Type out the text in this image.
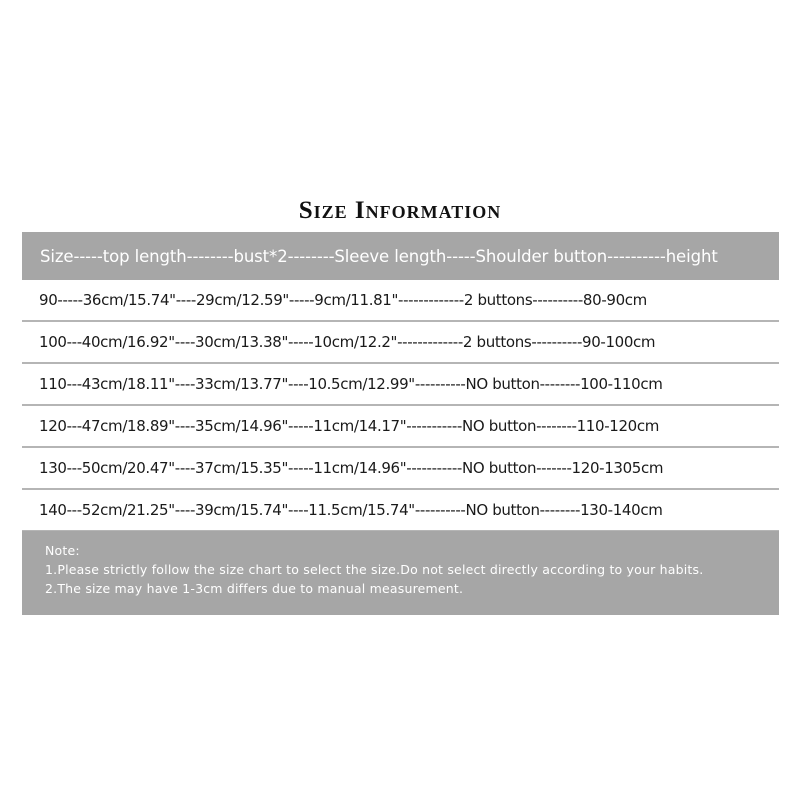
Size Information
Size-----top length--------bust*2--------Sleeve length-----Shoulder button----------height
90-----36cm/15.74"----29cm/12.59"-----9cm/11.81"-------------2 buttons----------80-90cm
100---40cm/16.92"----30cm/13.38"-----10cm/12.2"-------------2 buttons----------90-100cm
110---43cm/18.11"----33cm/13.77"----10.5cm/12.99"----------NO button--------100-110cm
120---47cm/18.89"----35cm/14.96"-----11cm/14.17"-----------NO button--------110-120cm
130---50cm/20.47"----37cm/15.35"-----11cm/14.96"-----------NO button-------120-1305cm
140---52cm/21.25"----39cm/15.74"----11.5cm/15.74"----------NO button--------130-140cm
Note:
1.Please strictly follow the size chart to select the size.Do not select directly according to your habits.
2.The size may have 1-3cm differs due to manual measurement.
